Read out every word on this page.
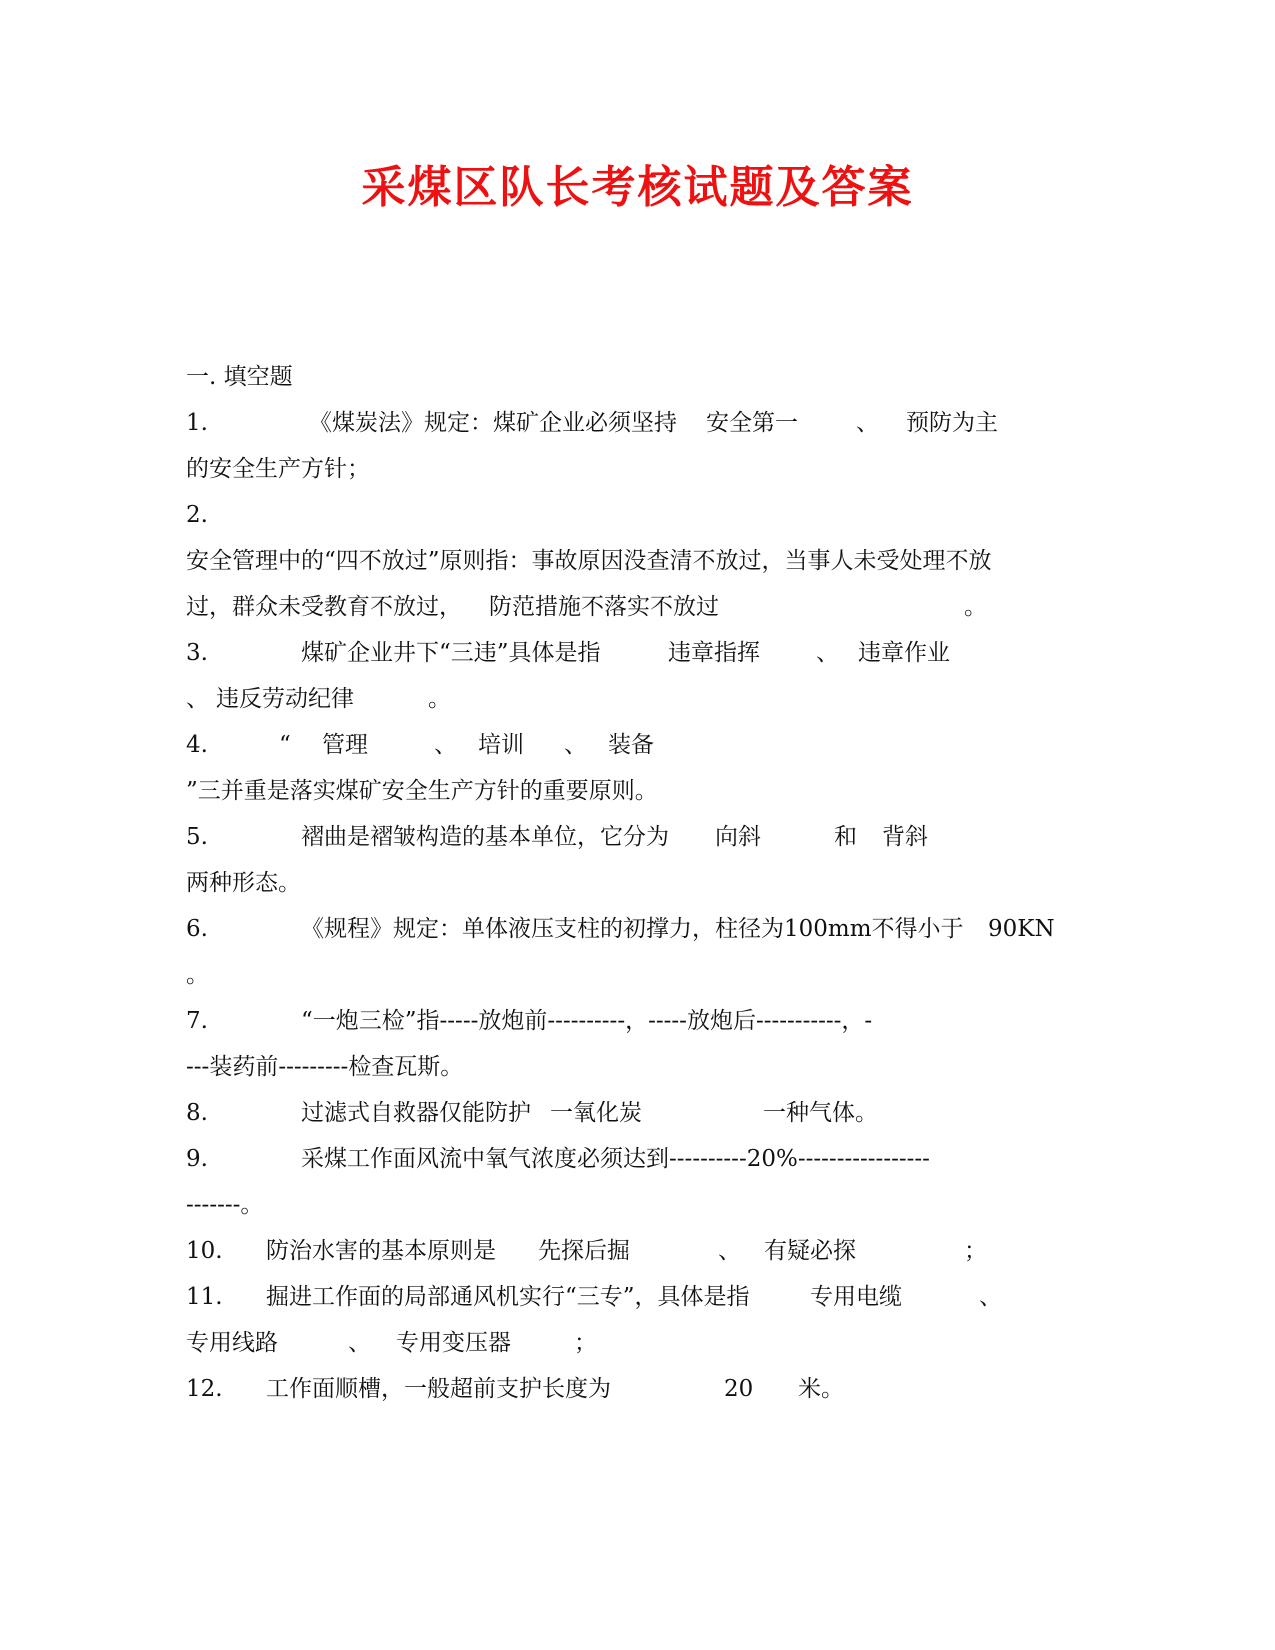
采煤区队长考核试题及答案
一. 填空题

1.

	《煤炭法》规定：煤矿企业必须坚持

安全第一

	、

预防为主

的安全生产方针；
2.
安全管理中的“四不放过”原则指：事故原因没查清不放过，当事人未受处理不放

过，群众未受教育不放过，

防范措施不落实不放过

	。

3.

	煤矿企业井下“三违”具体是指

	违章指挥

、

违章作业

、

违反劳动纪律

	。

4.

	“

管理

	、

培训

、

装备

”三并重是落实煤矿安全生产方针的重要原则。

5.

	褶曲是褶皱构造的基本单位，它分为

向斜

	和

背斜

两种形态。

6.

	《规程》规定：单体液压支柱的初撑力，柱径为100mm不得小于

90KN

。

7.

	“一炮三检”指-----放炮前----------，-----放炮后-----------，-

---装药前---------检查瓦斯。

8.

	过滤式自救器仅能防护

一氧化炭

	一种气体。

9.

	采煤工作面风流中氧气浓度必须达到----------20%-----------------

-------。

10.

防治水害的基本原则是

先探后掘

	、

有疑必探

	；

11.

掘进工作面的局部通风机实行“三专”，具体是指

	专用电缆

	、

专用线路

	、

专用变压器

	；

12.

工作面顺槽，一般超前支护长度为

	20

米。
